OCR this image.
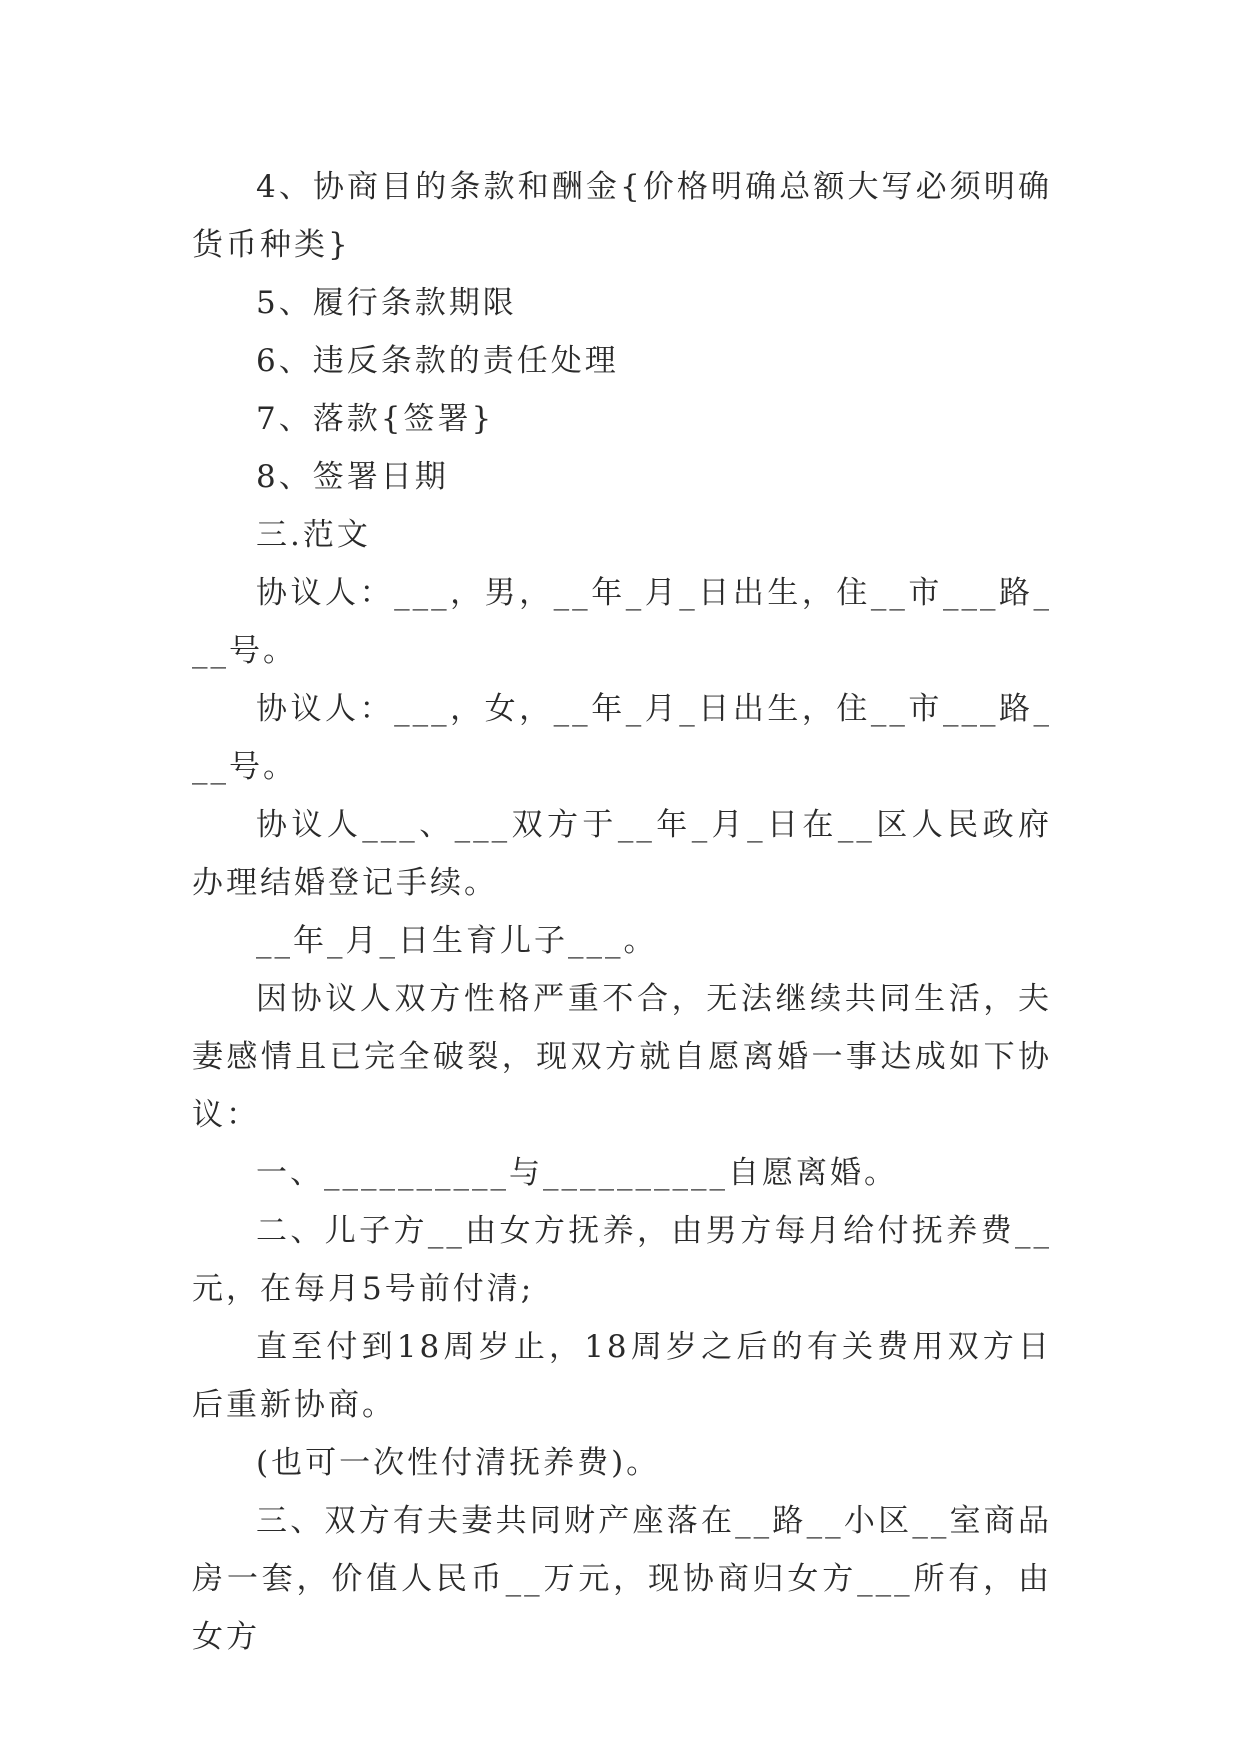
4、协商目的条款和酬金{价格明确总额大写必须明确货币种类}

5、履行条款期限

6、违反条款的责任处理

7、落款{签署}

8、签署日期

三.范文

协议人：___，男，__年_月_日出生，住__市___路___号。

协议人：___，女，__年_月_日出生，住__市___路___号。

协议人___、___双方于__年_月_日在__区人民政府办理结婚登记手续。

__年_月_日生育儿子___。

因协议人双方性格严重不合，无法继续共同生活，夫妻感情且已完全破裂，现双方就自愿离婚一事达成如下协议：

一、__________与__________自愿离婚。

二、儿子方__由女方抚养，由男方每月给付抚养费__元，在每月5号前付清;

直至付到18周岁止，18周岁之后的有关费用双方日后重新协商。

(也可一次性付清抚养费)。

三、双方有夫妻共同财产座落在__路__小区__室商品房一套，价值人民币__万元，现协商归女方___所有，由女方
